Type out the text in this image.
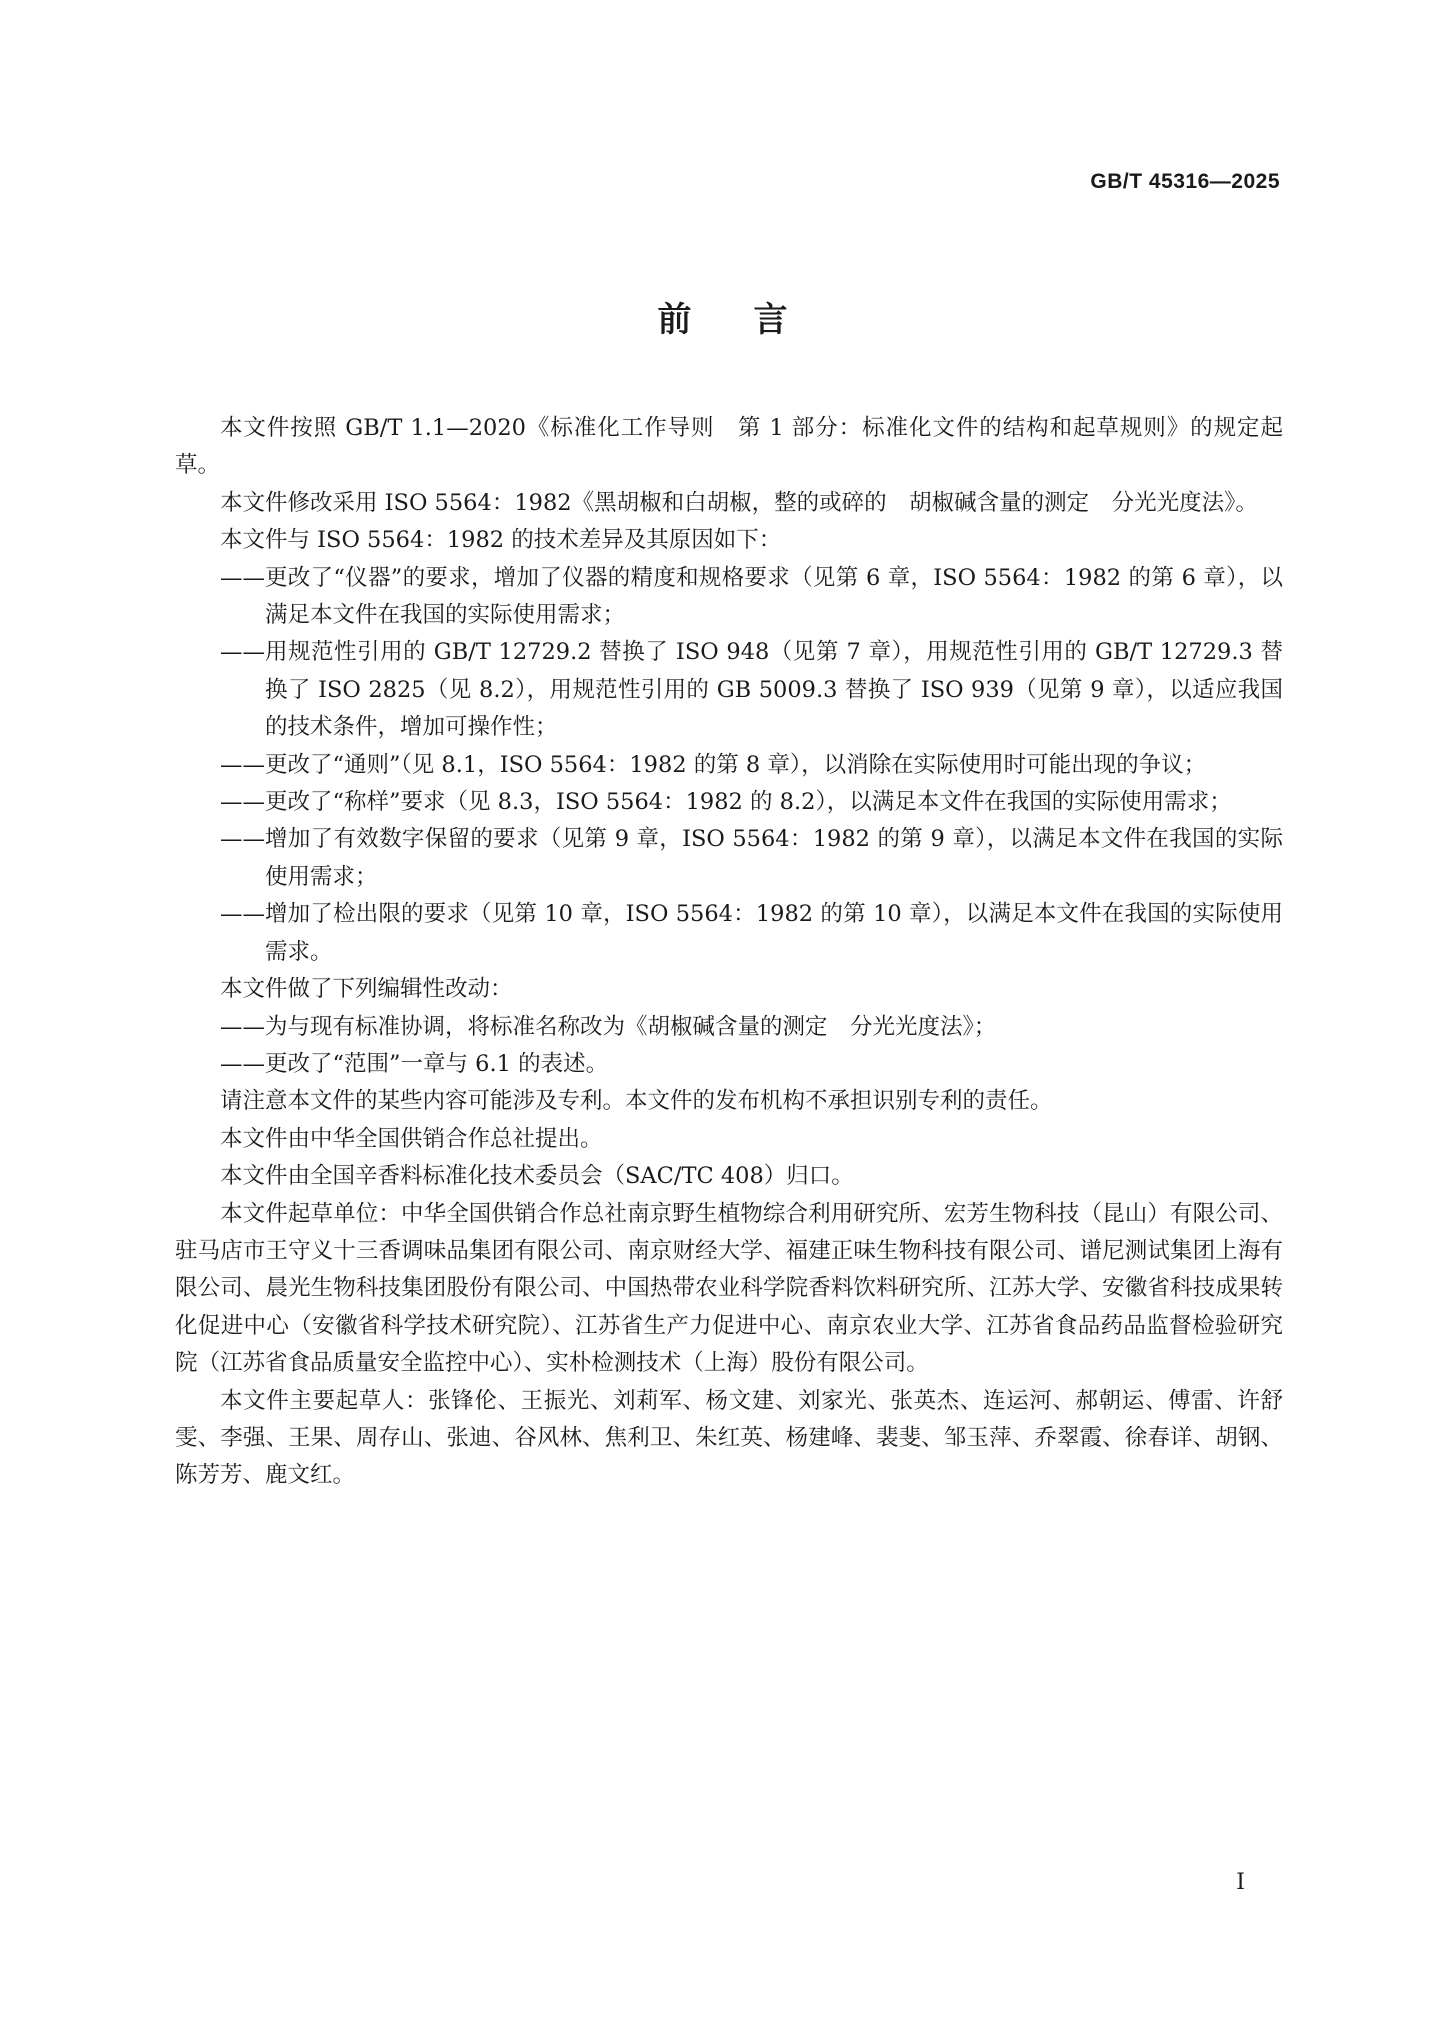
GB/T 45316—2025
前言

本文件按照 GB/T 1.1—2020《标准化工作导则　第 1 部分：标准化文件的结构和起草规则》的规定起草。

本文件修改采用 ISO 5564：1982《黑胡椒和白胡椒，整的或碎的　胡椒碱含量的测定　分光光度法》。

本文件与 ISO 5564：1982 的技术差异及其原因如下：

—— 更改了“仪器”的要求，增加了仪器的精度和规格要求（见第 6 章，ISO 5564：1982 的第 6 章），以满足本文件在我国的实际使用需求；

—— 用规范性引用的 GB/T 12729.2 替换了 ISO 948（见第 7 章），用规范性引用的 GB/T 12729.3 替换了 ISO 2825（见 8.2），用规范性引用的 GB 5009.3 替换了 ISO 939（见第 9 章），以适应我国的技术条件，增加可操作性；

—— 更改了“通则”（见 8.1，ISO 5564：1982 的第 8 章），以消除在实际使用时可能出现的争议；

—— 更改了“称样”要求（见 8.3，ISO 5564：1982 的 8.2），以满足本文件在我国的实际使用需求；

—— 增加了有效数字保留的要求（见第 9 章，ISO 5564：1982 的第 9 章），以满足本文件在我国的实际使用需求；

—— 增加了检出限的要求（见第 10 章，ISO 5564：1982 的第 10 章），以满足本文件在我国的实际使用需求。

本文件做了下列编辑性改动：

—— 为与现有标准协调，将标准名称改为《胡椒碱含量的测定　分光光度法》；

—— 更改了“范围”一章与 6.1 的表述。

请注意本文件的某些内容可能涉及专利。本文件的发布机构不承担识别专利的责任。

本文件由中华全国供销合作总社提出。

本文件由全国辛香料标准化技术委员会（SAC/TC 408）归口。

本文件起草单位：中华全国供销合作总社南京野生植物综合利用研究所、宏芳生物科技（昆山）有限公司、驻马店市王守义十三香调味品集团有限公司、南京财经大学、福建正味生物科技有限公司、谱尼测试集团上海有限公司、晨光生物科技集团股份有限公司、中国热带农业科学院香料饮料研究所、江苏大学、安徽省科技成果转化促进中心（安徽省科学技术研究院）、江苏省生产力促进中心、南京农业大学、江苏省食品药品监督检验研究院（江苏省食品质量安全监控中心）、实朴检测技术（上海）股份有限公司。

本文件主要起草人：张锋伦、王振光、刘莉军、杨文建、刘家光、张英杰、连运河、郝朝运、傅雷、许舒雯、李强、王果、周存山、张迪、谷风林、焦利卫、朱红英、杨建峰、裴斐、邹玉萍、乔翠霞、徐春详、胡钢、陈芳芳、鹿文红。

I
